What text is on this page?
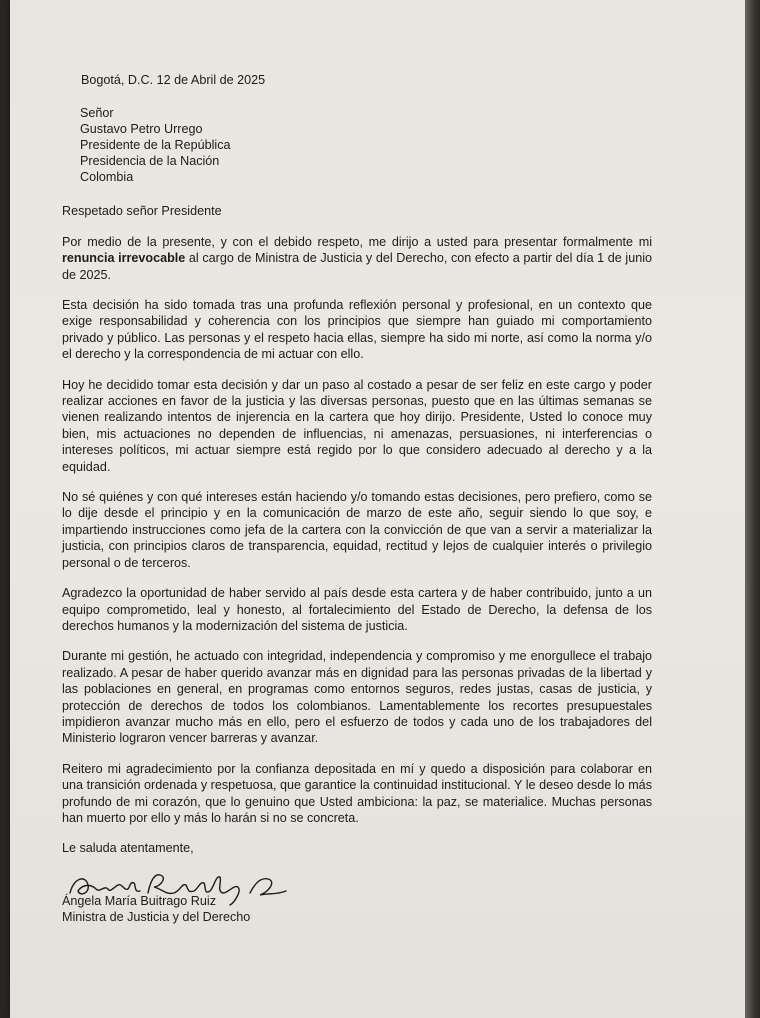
Bogotá, D.C. 12 de Abril de 2025
Señor
Gustavo Petro Urrego
Presidente de la República
Presidencia de la Nación
Colombia
Respetado señor Presidente

Por medio de la presente, y con el debido respeto, me dirijo a usted para presentar formalmente mi renuncia irrevocable al cargo de Ministra de Justicia y del Derecho, con efecto a partir del día 1 de junio de 2025.

Esta decisión ha sido tomada tras una profunda reflexión personal y profesional, en un contexto que exige responsabilidad y coherencia con los principios que siempre han guiado mi comportamiento privado y público. Las personas y el respeto hacia ellas, siempre ha sido mi norte, así como la norma y/o el derecho y la correspondencia de mi actuar con ello.

Hoy he decidido tomar esta decisión y dar un paso al costado a pesar de ser feliz en este cargo y poder realizar acciones en favor de la justicia y las diversas personas, puesto que en las últimas semanas se vienen realizando intentos de injerencia en la cartera que hoy dirijo. Presidente, Usted lo conoce muy bien, mis actuaciones no dependen de influencias, ni amenazas, persuasiones, ni interferencias o intereses políticos, mi actuar siempre está regido por lo que considero adecuado al derecho y a la equidad.

No sé quiénes y con qué intereses están haciendo y/o tomando estas decisiones, pero prefiero, como se lo dije desde el principio y en la comunicación de marzo de este año, seguir siendo lo que soy, e impartiendo instrucciones como jefa de la cartera con la convicción de que van a servir a materializar la justicia, con principios claros de transparencia, equidad, rectitud y lejos de cualquier interés o privilegio personal o de terceros.

Agradezco la oportunidad de haber servido al país desde esta cartera y de haber contribuido, junto a un equipo comprometido, leal y honesto, al fortalecimiento del Estado de Derecho, la defensa de los derechos humanos y la modernización del sistema de justicia.

Durante mi gestión, he actuado con integridad, independencia y compromiso y me enorgullece el trabajo realizado. A pesar de haber querido avanzar más en dignidad para las personas privadas de la libertad y las poblaciones en general, en programas como entornos seguros, redes justas, casas de justicia, y protección de derechos de todos los colombianos. Lamentablemente los recortes presupuestales impidieron avanzar mucho más en ello, pero el esfuerzo de todos y cada uno de los trabajadores del Ministerio lograron vencer barreras y avanzar.

Reitero mi agradecimiento por la confianza depositada en mí y quedo a disposición para colaborar en una transición ordenada y respetuosa, que garantice la continuidad institucional. Y le deseo desde lo más profundo de mi corazón, que lo genuino que Usted ambiciona: la paz, se materialice. Muchas personas han muerto por ello y más lo harán si no se concreta.

Le saluda atentamente,
Ángela María Buitrago Ruiz
Ministra de Justicia y del Derecho
